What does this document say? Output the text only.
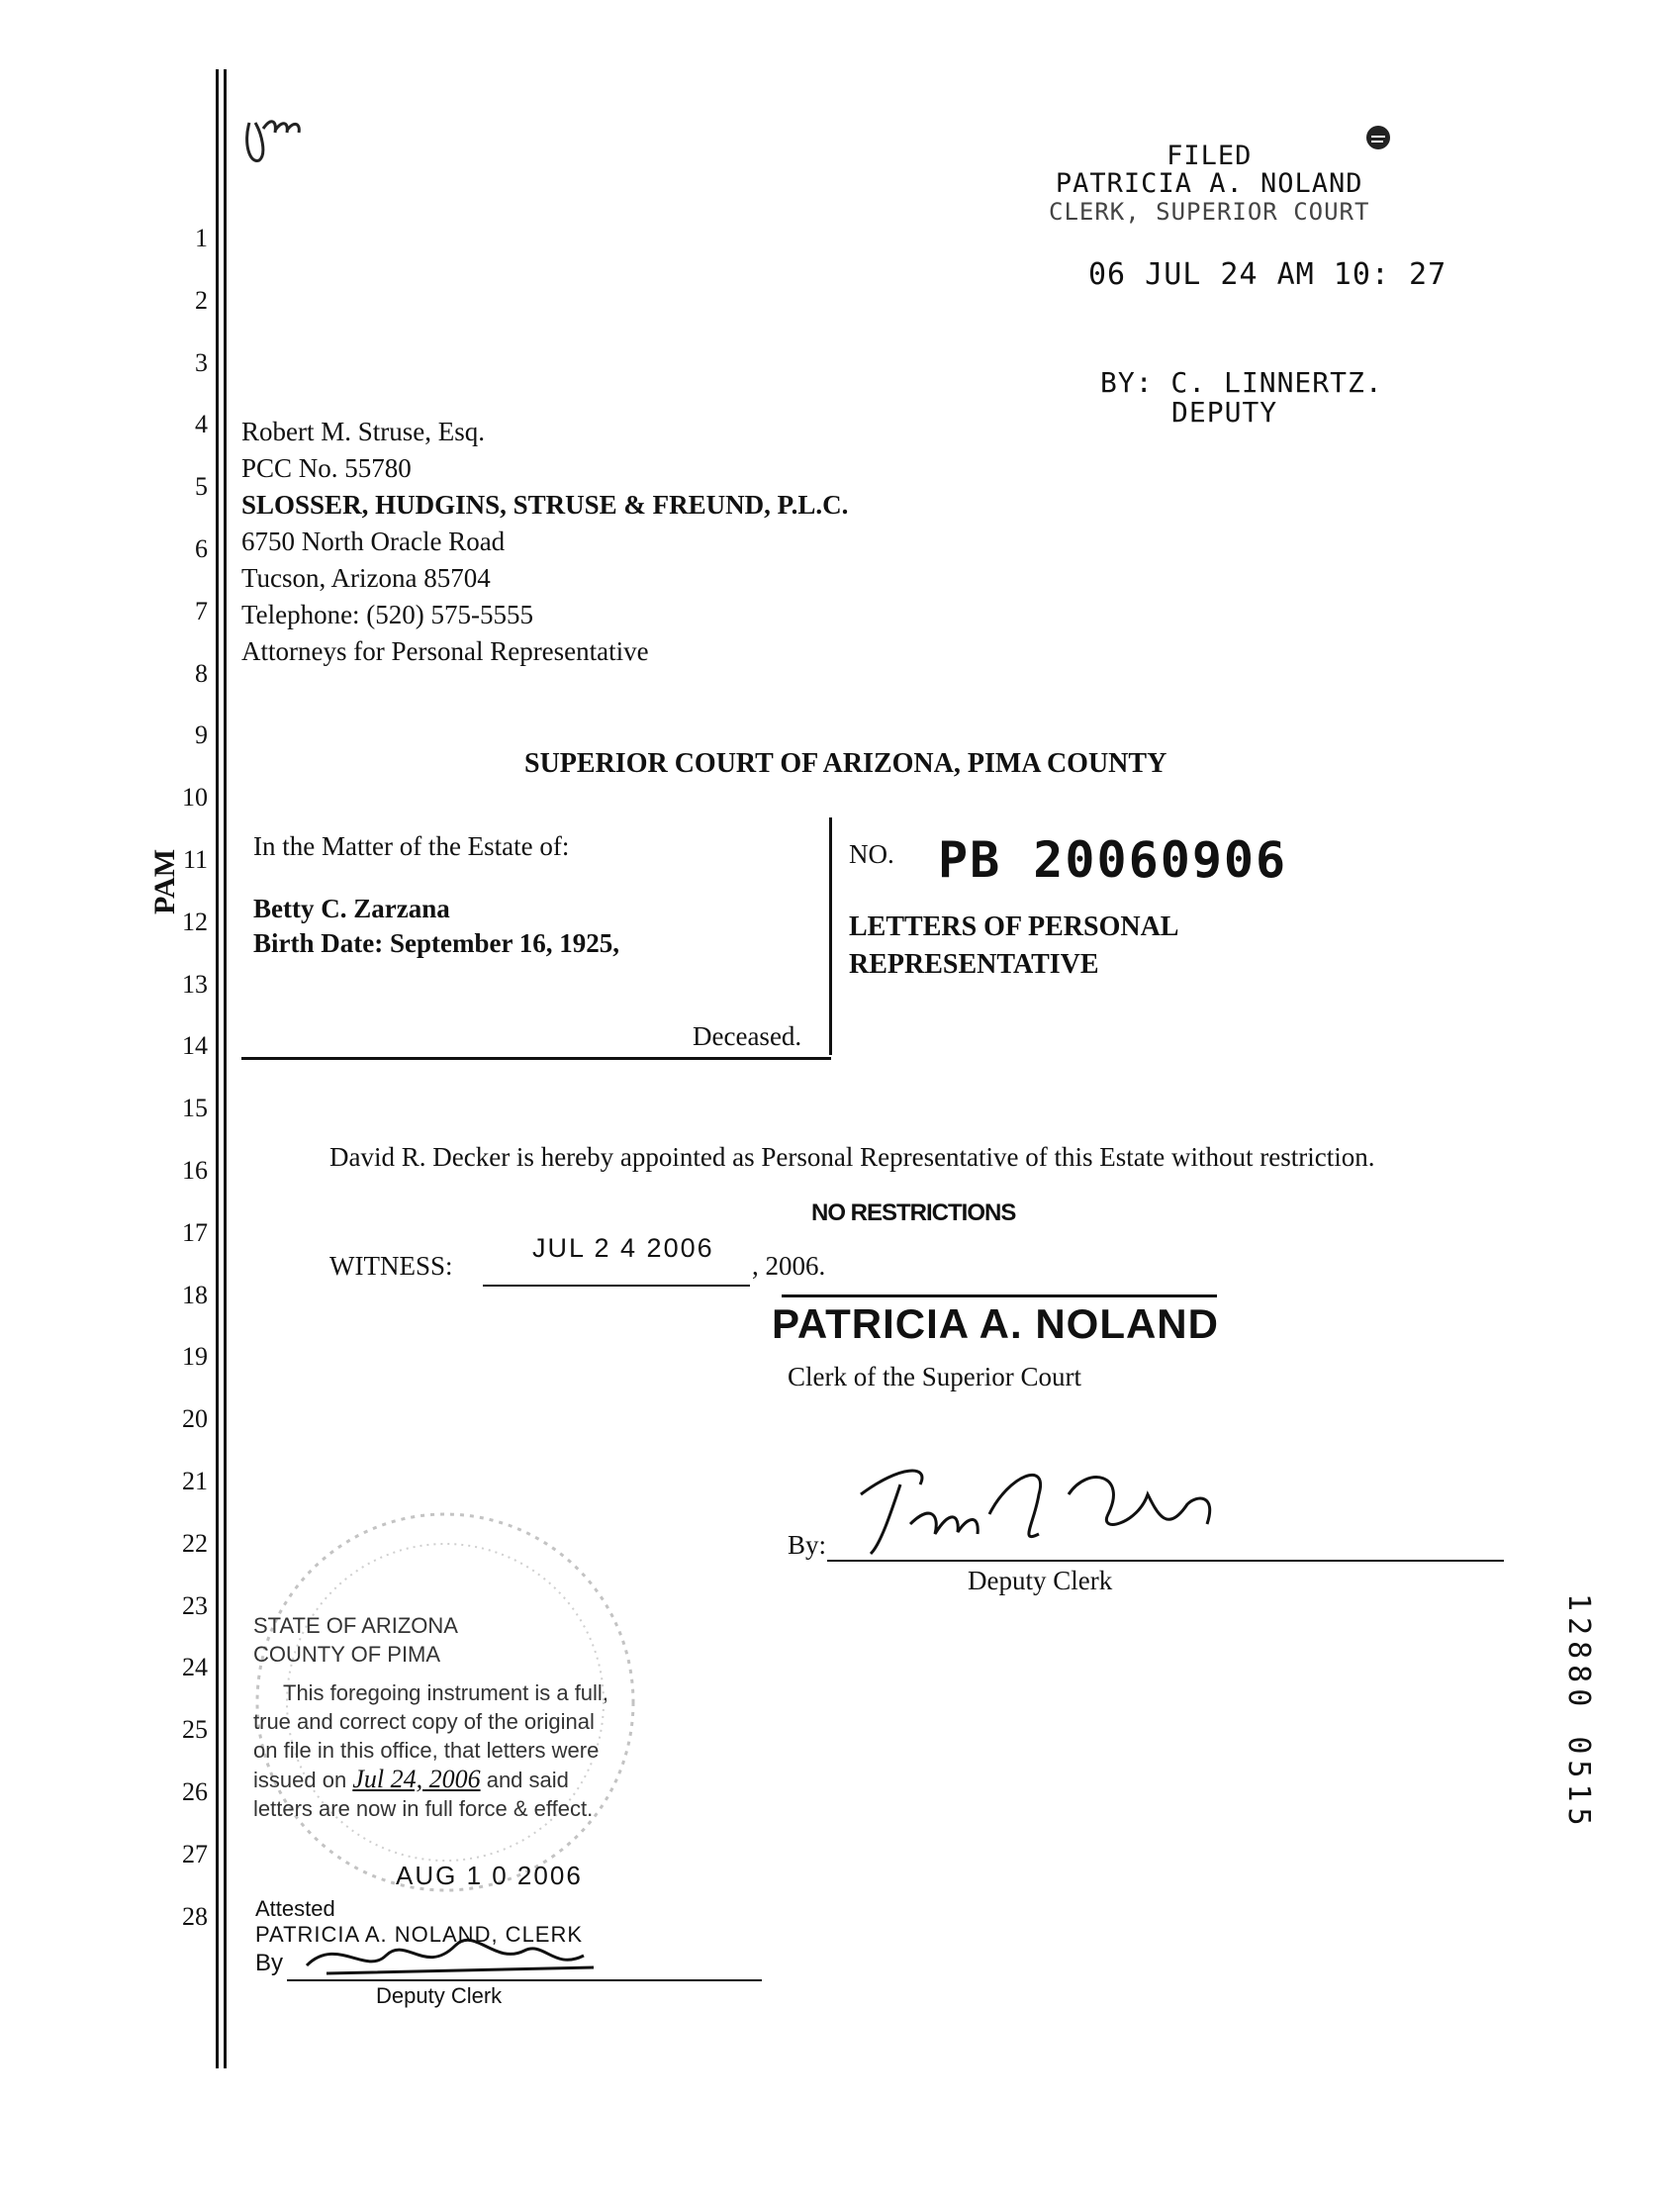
PAM
1
2
3
4
5
6
7
8
9
10
11
12
13
14
15
16
17
18
19
20
21
22
23
24
25
26
27
28
FILED
PATRICIA A. NOLAND
CLERK, SUPERIOR COURT
06 JUL 24 AM 10: 27
BY: C. LINNERTZ.
DEPUTY
Robert M. Struse, Esq.
PCC No. 55780
SLOSSER, HUDGINS, STRUSE & FREUND, P.L.C.
6750 North Oracle Road
Tucson, Arizona 85704
Telephone: (520) 575-5555
Attorneys for Personal Representative
SUPERIOR COURT OF ARIZONA, PIMA COUNTY
In the Matter of the Estate of:
Betty C. Zarzana
Birth Date: September 16, 1925,
Deceased.
NO. PB 20060906
LETTERS OF PERSONAL
REPRESENTATIVE
David R. Decker is hereby appointed as Personal Representative of this Estate without restriction.
NO RESTRICTIONS
WITNESS:
JUL 2 4 2006
, 2006.
PATRICIA A. NOLAND
Clerk of the Superior Court
By:
Deputy Clerk
STATE OF ARIZONA
COUNTY OF PIMA
This foregoing instrument is a full,
true and correct copy of the original
on file in this office, that letters were
issued on Jul 24, 2006 and said
letters are now in full force & effect.
AUG 1 0 2006
Attested
PATRICIA A. NOLAND, CLERK
By
Deputy Clerk
12880 0515
